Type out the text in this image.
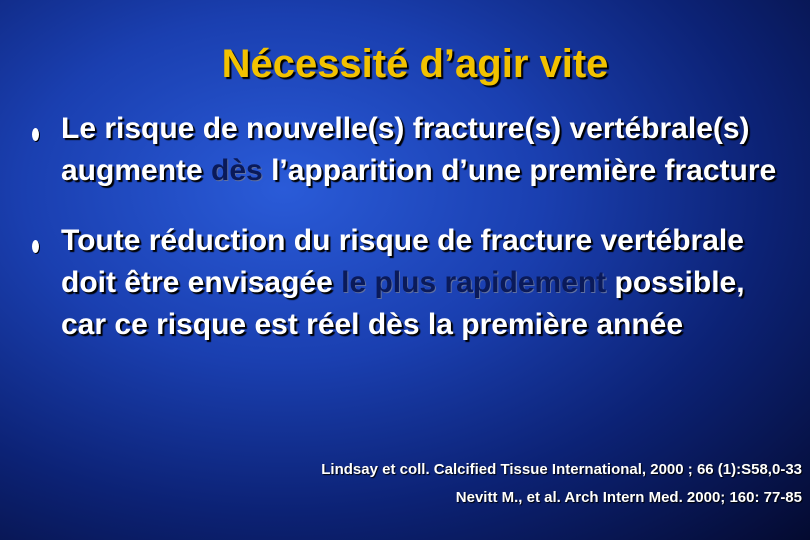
Nécessité d’agir vite
Le risque de nouvelle(s) fracture(s) vertébrale(s) augmente dès l’apparition d’une première fracture
Toute réduction du risque de fracture vertébrale doit être envisagée le plus rapidement possible, car ce risque est réel dès la première année
Lindsay et coll. Calcified Tissue International, 2000 ; 66 (1):S58,0-33
Nevitt M., et al. Arch Intern Med. 2000; 160: 77-85
